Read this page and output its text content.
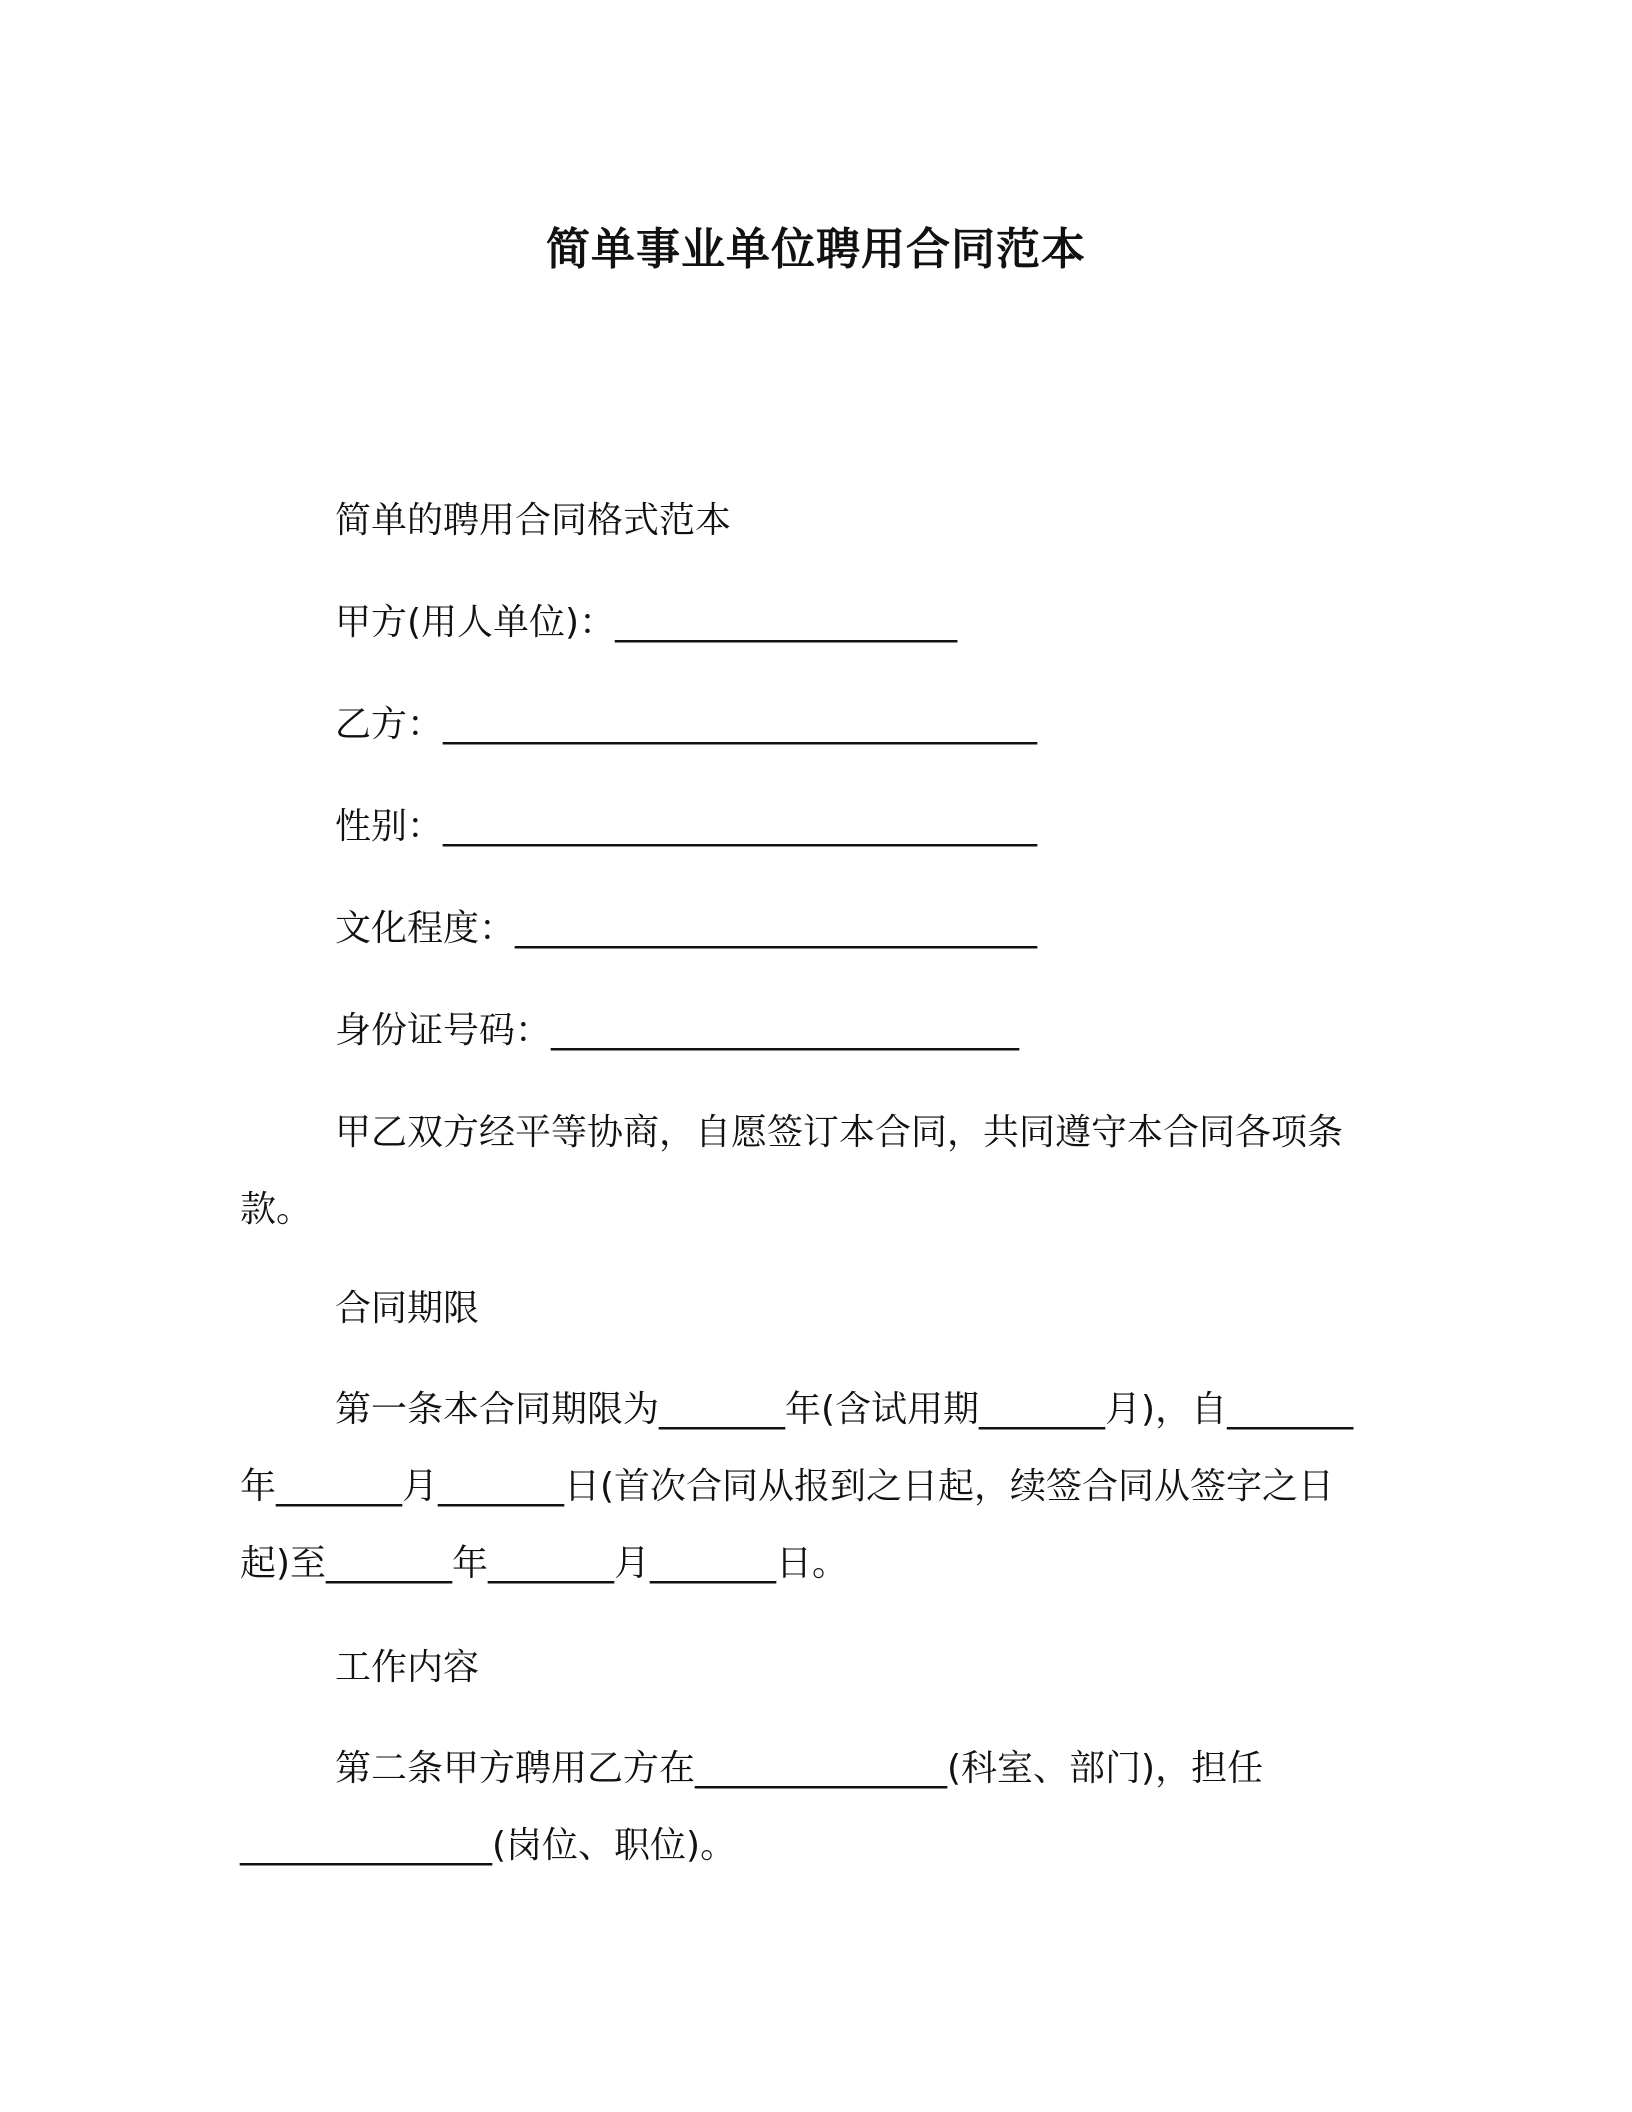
简单事业单位聘用合同范本
简单的聘用合同格式范本
甲方(用人单位)：___________________
乙方：_________________________________
性别：_________________________________
文化程度：_____________________________
身份证号码：__________________________
甲乙双方经平等协商，自愿签订本合同，共同遵守本合同各项条款。
合同期限
第一条本合同期限为_______年(含试用期_______月)，自_______年_______月_______日(首次合同从报到之日起，续签合同从签字之日起)至_______年_______月_______日。
工作内容
第二条甲方聘用乙方在______________(科室、部门)，担任______________(岗位、职位)。
